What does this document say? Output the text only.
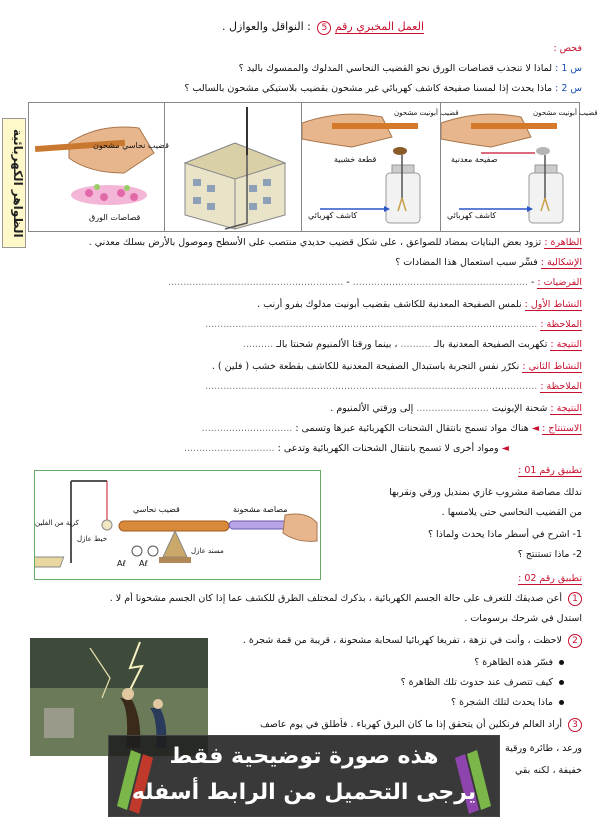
الظواهر الكهربائية
العمل المخبري رقم 5 : النواقل والعوازل .
فحص :
س 1 : لماذا لا تنجذب قصاصات الورق نحو القضيب النحاسي المدلوك والممسوك باليد ؟
س 2 : ماذا يحدث إذا لمسنا صفيحة كاشف كهربائي غير مشحون بقضيب بلاستيكي مشحون بالسالب ؟
قضيب نحاسي مشحون
قصاصات الورق
قضيب أبونيت مشحون
قطعة خشبية
كاشف كهربائي
قضيب أبونيت مشحون
صفيحة معدنية
كاشف كهربائي
الظاهرة : تزود بعض البنايات بمضاد للصواعق ، على شكل قضيب حديدي منتصب على الأسطح وموصول بالأرض بسلك معدني .
الإشكالية : فسِّر سبب استعمال هذا المضادات ؟
الفرضيات : - .......................................................... - ..........................................................
النشاط الأول : نلمس الصفيحة المعدنية للكاشف بقضيب أبونيت مدلوك بفرو أرنب .
الملاحظة : ..............................................................................................................
النتيجة : تكهربت الصفيحة المعدنية بالـ .......... ، بينما ورقتا الألمنيوم شحنتا بالـ ..........
النشاط الثاني : نكرّر نفس التجربة باستبدال الصفيحة المعدنية للكاشف بقطعة خشب ( فلين ) .
الملاحظة : ..............................................................................................................
النتيجة : شحنة الإبونيت ........................ إلى ورقتي الألمنيوم .
الاستنتاج : ◄ هناك مواد تسمح بانتقال الشحنات الكهربائية عبرها وتسمى : ..............................
◄ ومواد أخرى لا تسمح بانتقال الشحنات الكهربائية وتدعى : ..............................
تطبيق رقم 01 :
ندلك مصاصة مشروب غازي بمنديل ورقي ونقربها
من القضيب النحاسي حتى يلامسها .
1- اشرح في أسطر ماذا يحدث ولماذا ؟
2- ماذا تستنتج ؟
قضيب نحاسي	مصاصة مشحونة
كرية من الفلين
خيط عازل
مسند عازل
Aℓ Aℓ
تطبيق رقم 02 :
1 أعن صديقك للتعرف على حالة الجسم الكهربائية ، بذكرك لمختلف الطرق للكشف عما إذا كان الجسم مشحونا أم لا .
استدل في شرحك برسومات .
2 لاحظت ، وأنت في نزهة ، تفريغا كهربائيا لسحابة مشحونة ، قريبة من قمة شجرة .
فسّر هذه الظاهرة ؟
كيف تتصرف عند حدوث تلك الظاهرة ؟
ماذا يحدث لتلك الشجرة ؟
3 أراد العالم فرنكلين أن يتحقق إذا ما كان البرق كهرباء . فأطلق في يوم عاصف
ورعد ، طائرة ورقية
خفيفة ، لكنه بقي
هذه صورة توضيحية فقط
يرجى التحميل من الرابط أسفله
